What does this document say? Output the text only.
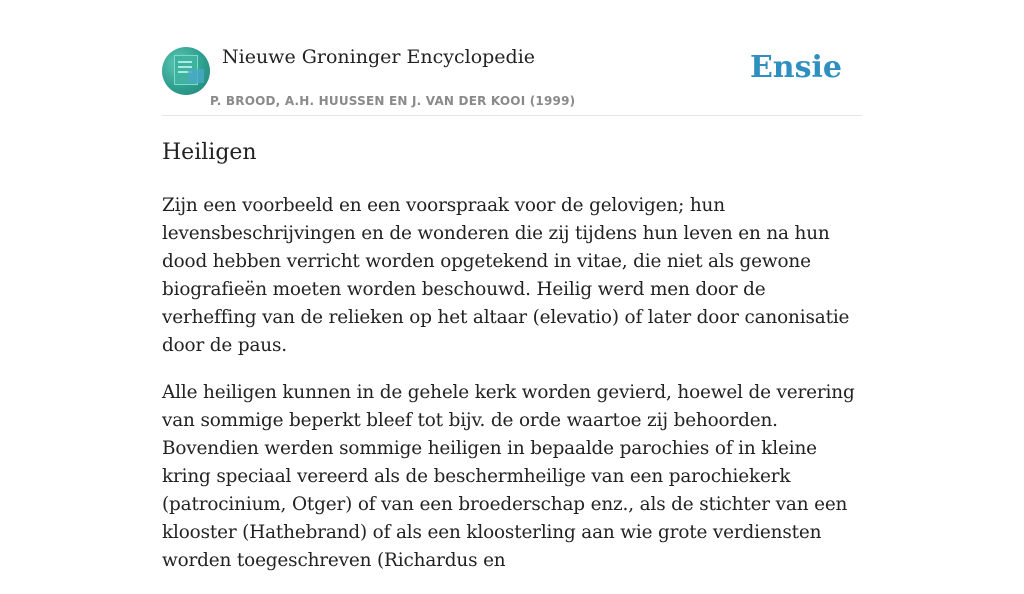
Nieuwe Groninger Encyclopedie
P. BROOD, A.H. HUUSSEN EN J. VAN DER KOOI (1999)
Ensie
Heiligen

Zijn een voorbeeld en een voorspraak voor de gelovigen; hun levensbeschrijvingen en de wonderen die zij tijdens hun leven en na hun dood hebben verricht worden opgetekend in vitae, die niet als gewone biografieën moeten worden beschouwd. Heilig werd men door de verheffing van de relieken op het altaar (elevatio) of later door canonisatie door de paus.

Alle heiligen kunnen in de gehele kerk worden gevierd, hoewel de verering van sommige beperkt bleef tot bijv. de orde waartoe zij behoorden. Bovendien werden sommige heiligen in bepaalde parochies of in kleine kring speciaal vereerd als de beschermheilige van een parochiekerk (patrocinium, Otger) of van een broederschap enz., als de stichter van een klooster (Hathebrand) of als een kloosterling aan wie grote verdiensten worden toegeschreven (Richardus en
